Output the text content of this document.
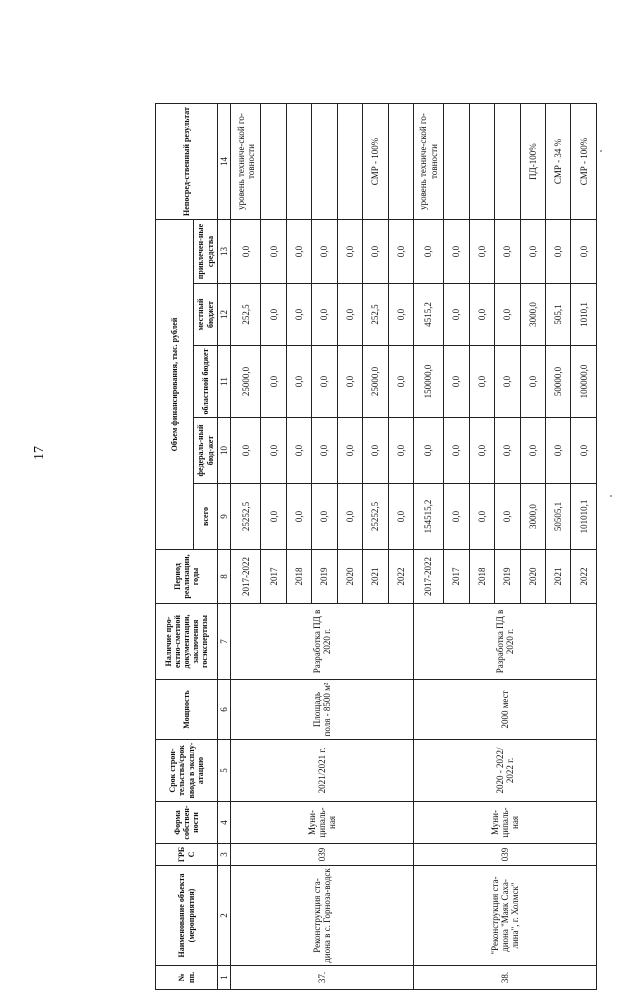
17
№ пп.	Наименование объекта (мероприятия)	ГРБ С	Форма собствен-ности	Срок строи-тельства/срок ввода в эксплу-атацию	Мощность	Наличие про-ектно-сметной документации, заключения госэкспертизы	Период реализации, годы	Объем финансирования, тыс. рублей					Непосред-ственный результат
								всего	федераль-ный бюд-жет	областной бюджет	местный бюджет	привлечен-ные средства	
1	2	3	4	5	6	7	8	9	10	11	12	13	14
37.	Реконструкция ста-диона в с. Горноза-водск	039	Муни-ципаль-ная	2021/2021 г.	Площадь поля - 8500 м²	Разработка ПД в 2020 г.	2017-2022	25252,5	0,0	25000,0	252,5	0,0	уровень техниче-ской го-товности
							2017	0,0	0,0	0,0	0,0	0,0	
							2018	0,0	0,0	0,0	0,0	0,0	
							2019	0,0	0,0	0,0	0,0	0,0	
							2020	0,0	0,0	0,0	0,0	0,0	
							2021	25252,5	0,0	25000,0	252,5	0,0	СМР - 100%
							2022	0,0	0,0	0,0	0,0	0,0	
38.	"Реконструкция ста-диона "Маяк Саха-лина", г. Холмск"	039	Муни-ципаль-ная	2020 - 2022/ 2022 г.	2000 мест	Разработка ПД в 2020 г.	2017-2022	154515,2	0,0	150000,0	4515,2	0,0	уровень техниче-ской го-товности
							2017	0,0	0,0	0,0	0,0	0,0	
							2018	0,0	0,0	0,0	0,0	0,0	
							2019	0,0	0,0	0,0	0,0	0,0	
							2020	3000,0	0,0	0,0	3000,0	0,0	ПД-100%
							2021	50505,1	0,0	50000,0	505,1	0,0	СМР - 34 %
							2022	101010,1	0,0	100000,0	1010,1	0,0	СМР - 100%
